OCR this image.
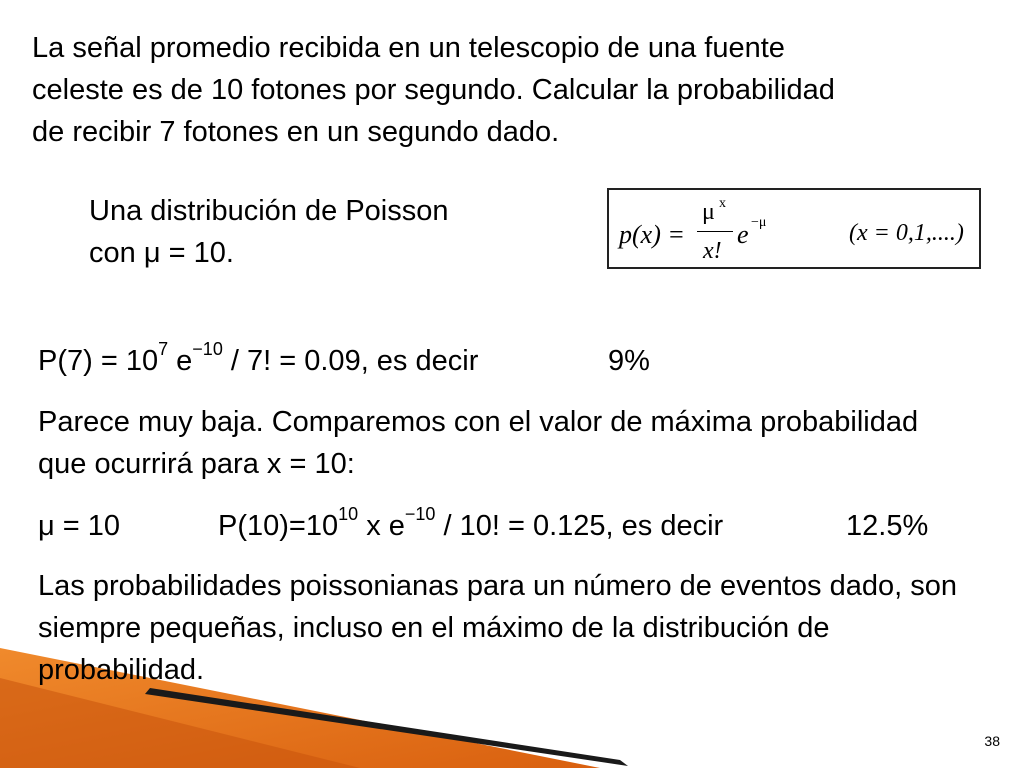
La señal promedio recibida en un telescopio de una fuente
celeste es de 10 fotones por segundo. Calcular la probabilidad
de recibir 7 fotones en un segundo dado.
Una distribución de Poisson
con μ = 10.
p(x) =
μ x
x!
e −μ	(x = 0,1,....)

$P(7) = 10^7$ $e^{-10} / 7$! = 0.09, es decir	9%

Parece muy baja. Comparemos con el valor de máxima probabilidad que ocurrirá para x = 10:

μ = 10	$P(10)=10^{10}$ x $e^{-10} / 10$! = 0.125, es decir	12.5%

Las probabilidades poissonianas para un número de eventos dado, son siempre pequeñas, incluso en el máximo de la distribución de probabilidad.

38
